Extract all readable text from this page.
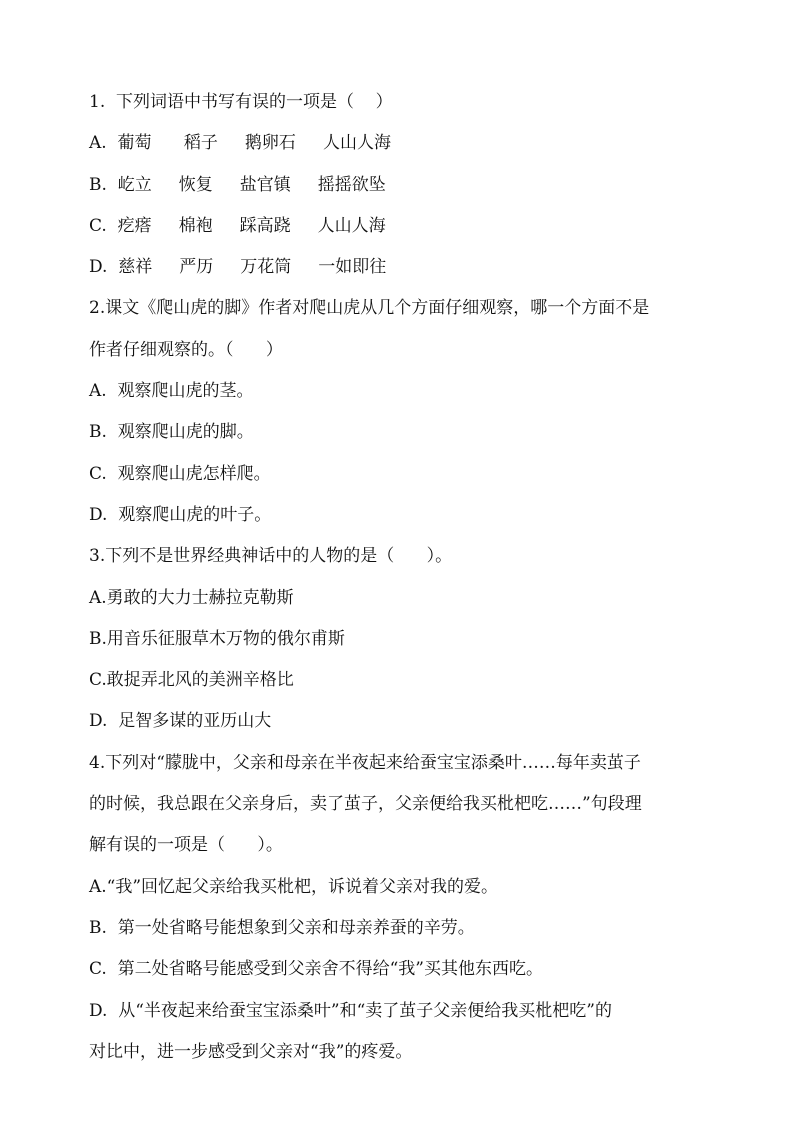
1.  下列词语中书写有误的一项是（    ）

A.  葡萄      稻子     鹅卵石     人山人海

B.  屹立     恢复     盐官镇     摇摇欲坠

C.  疙瘩     棉袍     踩高跷     人山人海

D.  慈祥     严历     万花筒     一如即往

2.课文《爬山虎的脚》作者对爬山虎从几个方面仔细观察，哪一个方面不是

作者仔细观察的。（      ）

A.  观察爬山虎的茎。

B.  观察爬山虎的脚。

C.  观察爬山虎怎样爬。

D.  观察爬山虎的叶子。

3.下列不是世界经典神话中的人物的是（      ）。

A.勇敢的大力士赫拉克勒斯

B.用音乐征服草木万物的俄尔甫斯

C.敢捉弄北风的美洲辛格比

D.  足智多谋的亚历山大

4.下列对“朦胧中，父亲和母亲在半夜起来给蚕宝宝添桑叶……每年卖茧子

的时候，我总跟在父亲身后，卖了茧子，父亲便给我买枇杷吃……”句段理

解有误的一项是（      ）。

A.“我”回忆起父亲给我买枇杷，诉说着父亲对我的爱。

B.  第一处省略号能想象到父亲和母亲养蚕的辛劳。

C.  第二处省略号能感受到父亲舍不得给“我”买其他东西吃。

D.  从“半夜起来给蚕宝宝添桑叶”和“卖了茧子父亲便给我买枇杷吃”的

对比中，进一步感受到父亲对“我”的疼爱。
